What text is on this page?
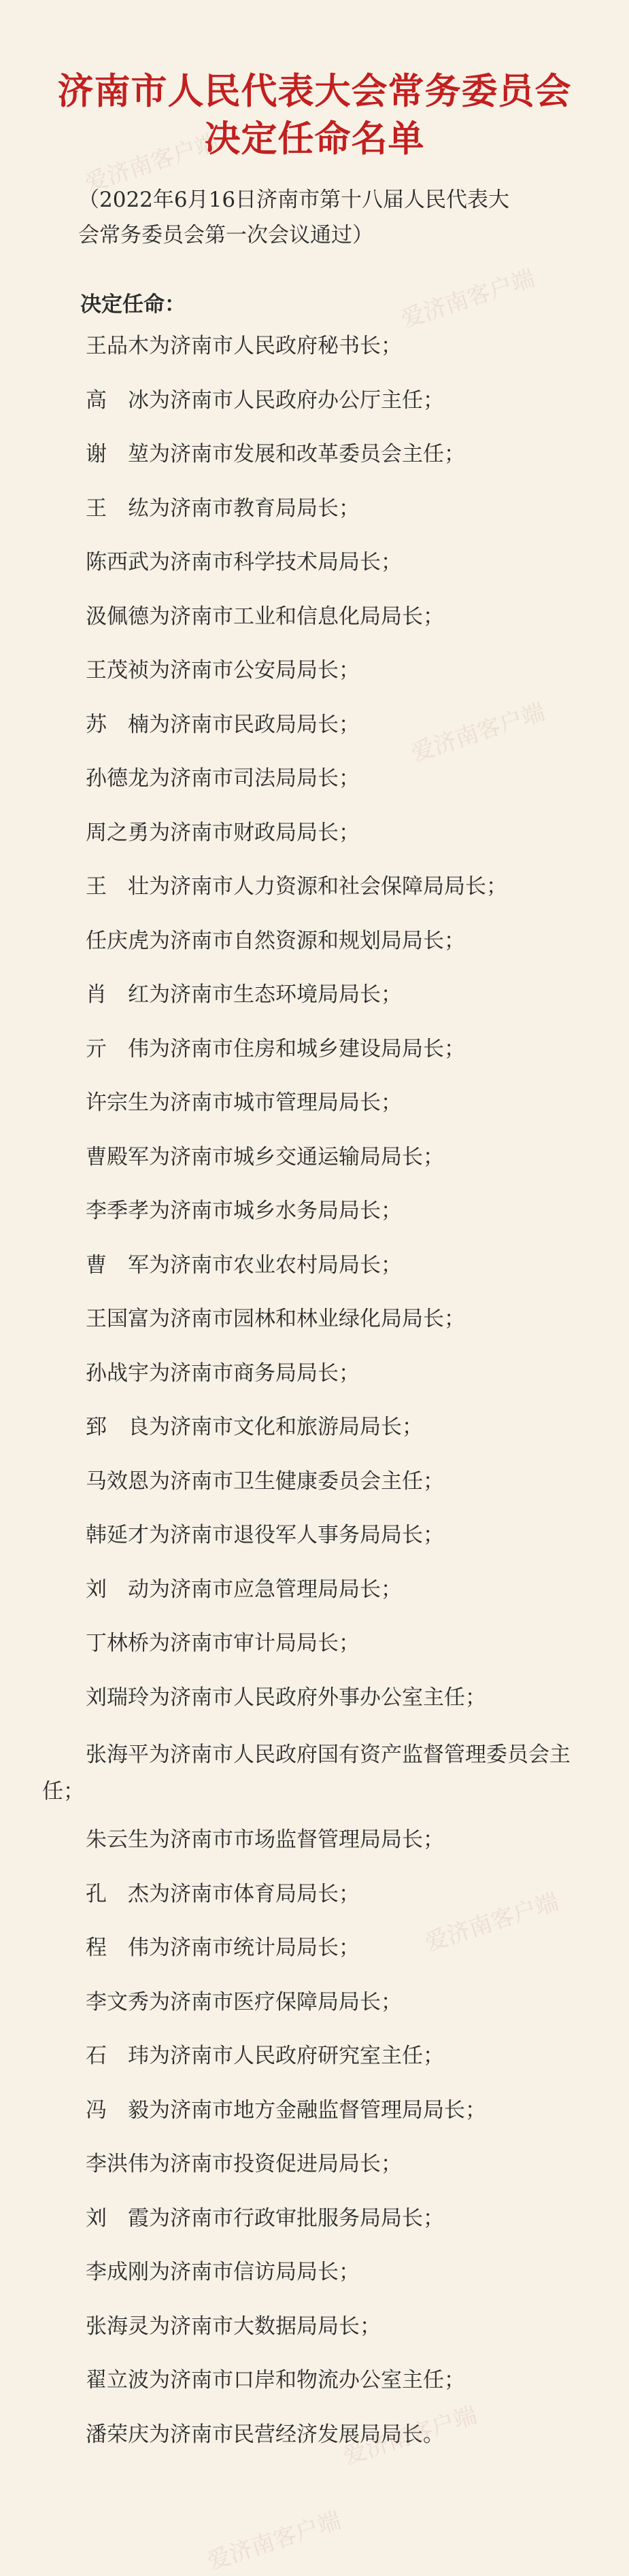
济南市人民代表大会常务委员会
决定任命名单
（2022年6月16日济南市第十八届人民代表大会常务委员会第一次会议通过）
决定任命：
王品木为济南市人民政府秘书长；
高　冰为济南市人民政府办公厅主任；
谢　堃为济南市发展和改革委员会主任；
王　纮为济南市教育局局长；
陈西武为济南市科学技术局局长；
汲佩德为济南市工业和信息化局局长；
王茂祯为济南市公安局局长；
苏　楠为济南市民政局局长；
孙德龙为济南市司法局局长；
周之勇为济南市财政局局长；
王　壮为济南市人力资源和社会保障局局长；
任庆虎为济南市自然资源和规划局局长；
肖　红为济南市生态环境局局长；
亓　伟为济南市住房和城乡建设局局长；
许宗生为济南市城市管理局局长；
曹殿军为济南市城乡交通运输局局长；
李季孝为济南市城乡水务局局长；
曹　军为济南市农业农村局局长；
王国富为济南市园林和林业绿化局局长；
孙战宇为济南市商务局局长；
郅　良为济南市文化和旅游局局长；
马效恩为济南市卫生健康委员会主任；
韩延才为济南市退役军人事务局局长；
刘　动为济南市应急管理局局长；
丁林桥为济南市审计局局长；
刘瑞玲为济南市人民政府外事办公室主任；
张海平为济南市人民政府国有资产监督管理委员会主任；
朱云生为济南市市场监督管理局局长；
孔　杰为济南市体育局局长；
程　伟为济南市统计局局长；
李文秀为济南市医疗保障局局长；
石　玮为济南市人民政府研究室主任；
冯　毅为济南市地方金融监督管理局局长；
李洪伟为济南市投资促进局局长；
刘　霞为济南市行政审批服务局局长；
李成刚为济南市信访局局长；
张海灵为济南市大数据局局长；
翟立波为济南市口岸和物流办公室主任；
潘荣庆为济南市民营经济发展局局长。
爱济南客户端
爱济南客户端
爱济南客户端
爱济南客户端
爱济南客户端
爱济南客户端
